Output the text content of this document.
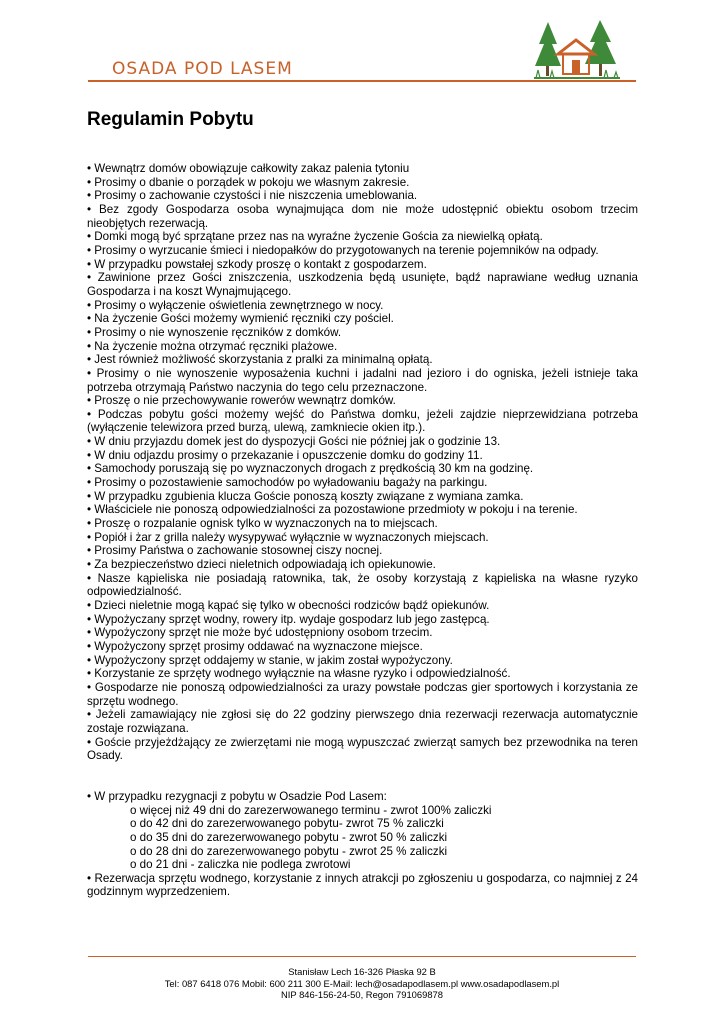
OSADA POD LASEM
Regulamin Pobytu

• Wewnątrz domów obowiązuje całkowity zakaz palenia tytoniu

• Prosimy o dbanie o porządek w pokoju we własnym zakresie.

• Prosimy o zachowanie czystości i nie niszczenia umeblowania.

• Bez zgody Gospodarza osoba wynajmująca dom nie może udostępnić obiektu osobom trzecim nieobjętych rezerwacją.

• Domki mogą być sprzątane przez nas na wyraźne życzenie Gościa za niewielką opłatą.

• Prosimy o wyrzucanie śmieci i niedopałków do przygotowanych na terenie pojemników na odpady.

• W przypadku powstałej szkody proszę o kontakt z gospodarzem.

• Zawinione przez Gości zniszczenia, uszkodzenia będą usunięte, bądź naprawiane według uznania Gospodarza i na koszt Wynajmującego.

• Prosimy o wyłączenie oświetlenia zewnętrznego w nocy.

• Na życzenie Gości możemy wymienić ręczniki czy pościel.

• Prosimy o nie wynoszenie ręczników z domków.

• Na życzenie można otrzymać ręczniki plażowe.

• Jest również możliwość skorzystania z pralki za minimalną opłatą.

• Prosimy o nie wynoszenie wyposażenia kuchni i jadalni nad jezioro i do ogniska, jeżeli istnieje taka potrzeba otrzymają Państwo naczynia do tego celu przeznaczone.

• Proszę o nie przechowywanie rowerów wewnątrz domków.

• Podczas pobytu gości możemy wejść do Państwa domku, jeżeli zajdzie nieprzewidziana potrzeba (wyłączenie telewizora przed burzą, ulewą, zamkniecie okien itp.).

• W dniu przyjazdu domek jest do dyspozycji Gości nie później jak o godzinie 13.

• W dniu odjazdu prosimy o przekazanie i opuszczenie domku do godziny 11.

• Samochody poruszają się po wyznaczonych drogach z prędkością 30 km na godzinę.

• Prosimy o pozostawienie samochodów po wyładowaniu bagaży na parkingu.

• W przypadku zgubienia klucza Goście ponoszą koszty związane z wymiana zamka.

• Właściciele nie ponoszą odpowiedzialności za pozostawione przedmioty w pokoju i na terenie.

• Proszę o rozpalanie ognisk tylko w wyznaczonych na to miejscach.

• Popiół i żar z grilla należy wysypywać wyłącznie w wyznaczonych miejscach.

• Prosimy Państwa o zachowanie stosownej ciszy nocnej.

• Za bezpieczeństwo dzieci nieletnich odpowiadają ich opiekunowie.

• Nasze kąpieliska nie posiadają ratownika, tak, że osoby korzystają z kąpieliska na własne ryzyko odpowiedzialność.

• Dzieci nieletnie mogą kąpać się tylko w obecności rodziców bądź opiekunów.

• Wypożyczany sprzęt wodny, rowery itp. wydaje gospodarz lub jego zastępcą.

• Wypożyczony sprzęt nie może być udostępniony osobom trzecim.

• Wypożyczony sprzęt prosimy oddawać na wyznaczone miejsce.

• Wypożyczony sprzęt oddajemy w stanie, w jakim został wypożyczony.

• Korzystanie ze sprzęty wodnego wyłącznie na własne ryzyko i odpowiedzialność.

• Gospodarze nie ponoszą odpowiedzialności za urazy powstałe podczas gier sportowych i korzystania ze sprzętu wodnego.

• Jeżeli zamawiający nie zgłosi się do 22 godziny pierwszego dnia rezerwacji rezerwacja automatycznie zostaje rozwiązana.

• Goście przyjeżdżający ze zwierzętami nie mogą wypuszczać zwierząt samych bez przewodnika na teren Osady.

• W przypadku rezygnacji z pobytu w Osadzie Pod Lasem:

o więcej niż 49 dni do zarezerwowanego terminu - zwrot 100% zaliczki

o do 42 dni do zarezerwowanego pobytu- zwrot 75 % zaliczki

o do 35 dni do zarezerwowanego pobytu - zwrot 50 % zaliczki

o do 28 dni do zarezerwowanego pobytu - zwrot 25 % zaliczki

o do 21 dni - zaliczka nie podlega zwrotowi

• Rezerwacja sprzętu wodnego, korzystanie z innych atrakcji po zgłoszeniu u gospodarza, co najmniej z 24 godzinnym wyprzedzeniem.

Stanisław Lech 16-326 Płaska 92 B
Tel: 087 6418 076 Mobil: 600 211 300 E-Mail: lech@osadapodlasem.pl www.osadapodlasem.pl
NIP 846-156-24-50, Regon 791069878
